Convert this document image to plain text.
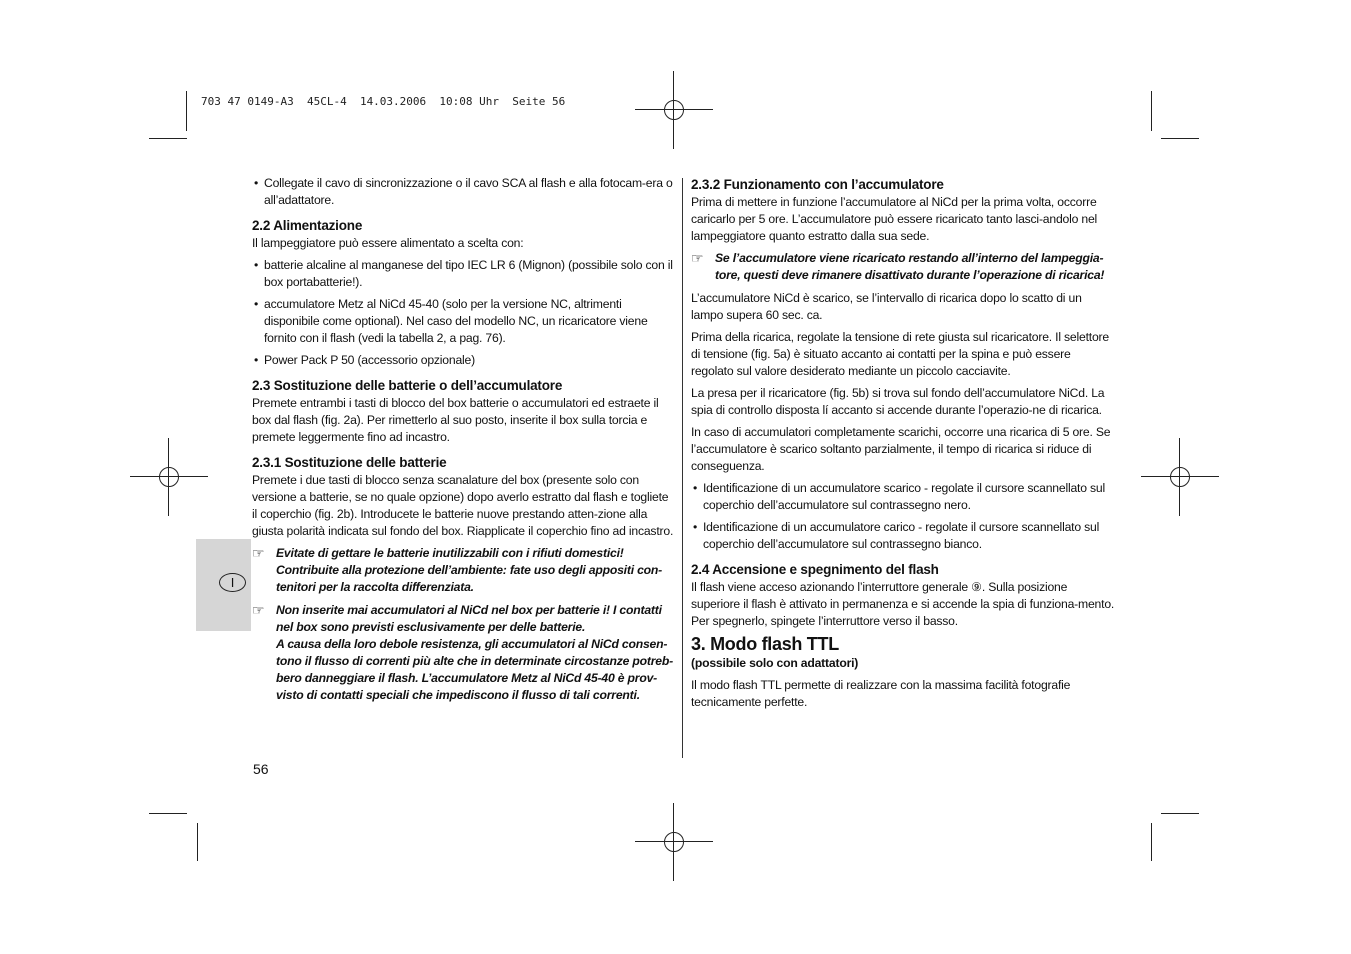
703 47 0149-A3  45CL-4  14.03.2006  10:08 Uhr  Seite 56
I
• Collegate il cavo di sincronizzazione o il cavo SCA al flash e alla fotocam-era o all’adattatore.
2.2 Alimentazione

Il lampeggiatore può essere alimentato a scelta con:

• batterie alcaline al manganese del tipo IEC LR 6 (Mignon) (possibile solo con il box portabatterie!).
• accumulatore Metz al NiCd 45-40 (solo per la versione NC, altrimenti disponibile come optional). Nel caso del modello NC, un ricaricatore viene fornito con il flash (vedi la tabella 2, a pag. 76).
• Power Pack P 50 (accessorio opzionale)
2.3 Sostituzione delle batterie o dell’accumulatore

Premete entrambi i tasti di blocco del box batterie o accumulatori ed estraete il box dal flash (fig. 2a). Per rimetterlo al suo posto, inserite il box sulla torcia e premete leggermente fino ad incastro.

2.3.1 Sostituzione delle batterie

Premete i due tasti di blocco senza scanalature del box (presente solo con versione a batterie, se no quale opzione) dopo averlo estratto dal flash e togliete il coperchio (fig. 2b). Introducete le batterie nuove prestando atten-zione alla giusta polarità indicata sul fondo del box. Riapplicate il coperchio fino ad incastro.

☞ Evitate di gettare le batterie inutilizzabili con i rifiuti domestici! Contribuite alla protezione dell’ambiente: fate uso degli appositi con-tenitori per la raccolta differenziata.

☞ Non inserite mai accumulatori al NiCd nel box per batterie i! I contatti nel box sono previsti esclusivamente per delle batterie.

A causa della loro debole resistenza, gli accumulatori al NiCd consen-tono il flusso di correnti più alte che in determinate circostanze potreb-bero danneggiare il flash. L’accumulatore Metz al NiCd 45-40 è prov-visto di contatti speciali che impediscono il flusso di tali correnti.

2.3.2 Funzionamento con l’accumulatore

Prima di mettere in funzione l’accumulatore al NiCd per la prima volta, occorre caricarlo per 5 ore. L’accumulatore può essere ricaricato tanto lasci-andolo nel lampeggiatore quanto estratto dalla sua sede.

☞ Se l’accumulatore viene ricaricato restando all’interno del lampeggia-tore, questi deve rimanere disattivato durante l’operazione di ricarica!

L’accumulatore NiCd è scarico, se l’intervallo di ricarica dopo lo scatto di un lampo supera 60 sec. ca.

Prima della ricarica, regolate la tensione di rete giusta sul ricaricatore. Il selettore di tensione (fig. 5a) è situato accanto ai contatti per la spina e può essere regolato sul valore desiderato mediante un piccolo cacciavite.

La presa per il ricaricatore (fig. 5b) si trova sul fondo dell’accumulatore NiCd. La spia di controllo disposta lí accanto si accende durante l’operazio-ne di ricarica.

In caso di accumulatori completamente scarichi, occorre una ricarica di 5 ore. Se l’accumulatore è scarico soltanto parzialmente, il tempo di ricarica si riduce di conseguenza.

• Identificazione di un accumulatore scarico - regolate il cursore scannellato sul coperchio dell’accumulatore sul contrassegno nero.
• Identificazione di un accumulatore carico - regolate il cursore scannellato sul coperchio dell’accumulatore sul contrassegno bianco.
2.4 Accensione e spegnimento del flash

Il flash viene acceso azionando l’interruttore generale ⑨. Sulla posizione superiore il flash è attivato in permanenza e si accende la spia di funziona-mento. Per spegnerlo, spingete l’interruttore verso il basso.

3. Modo flash TTL

(possibile solo con adattatori)

Il modo flash TTL permette di realizzare con la massima facilità fotografie tecnicamente perfette.

56
